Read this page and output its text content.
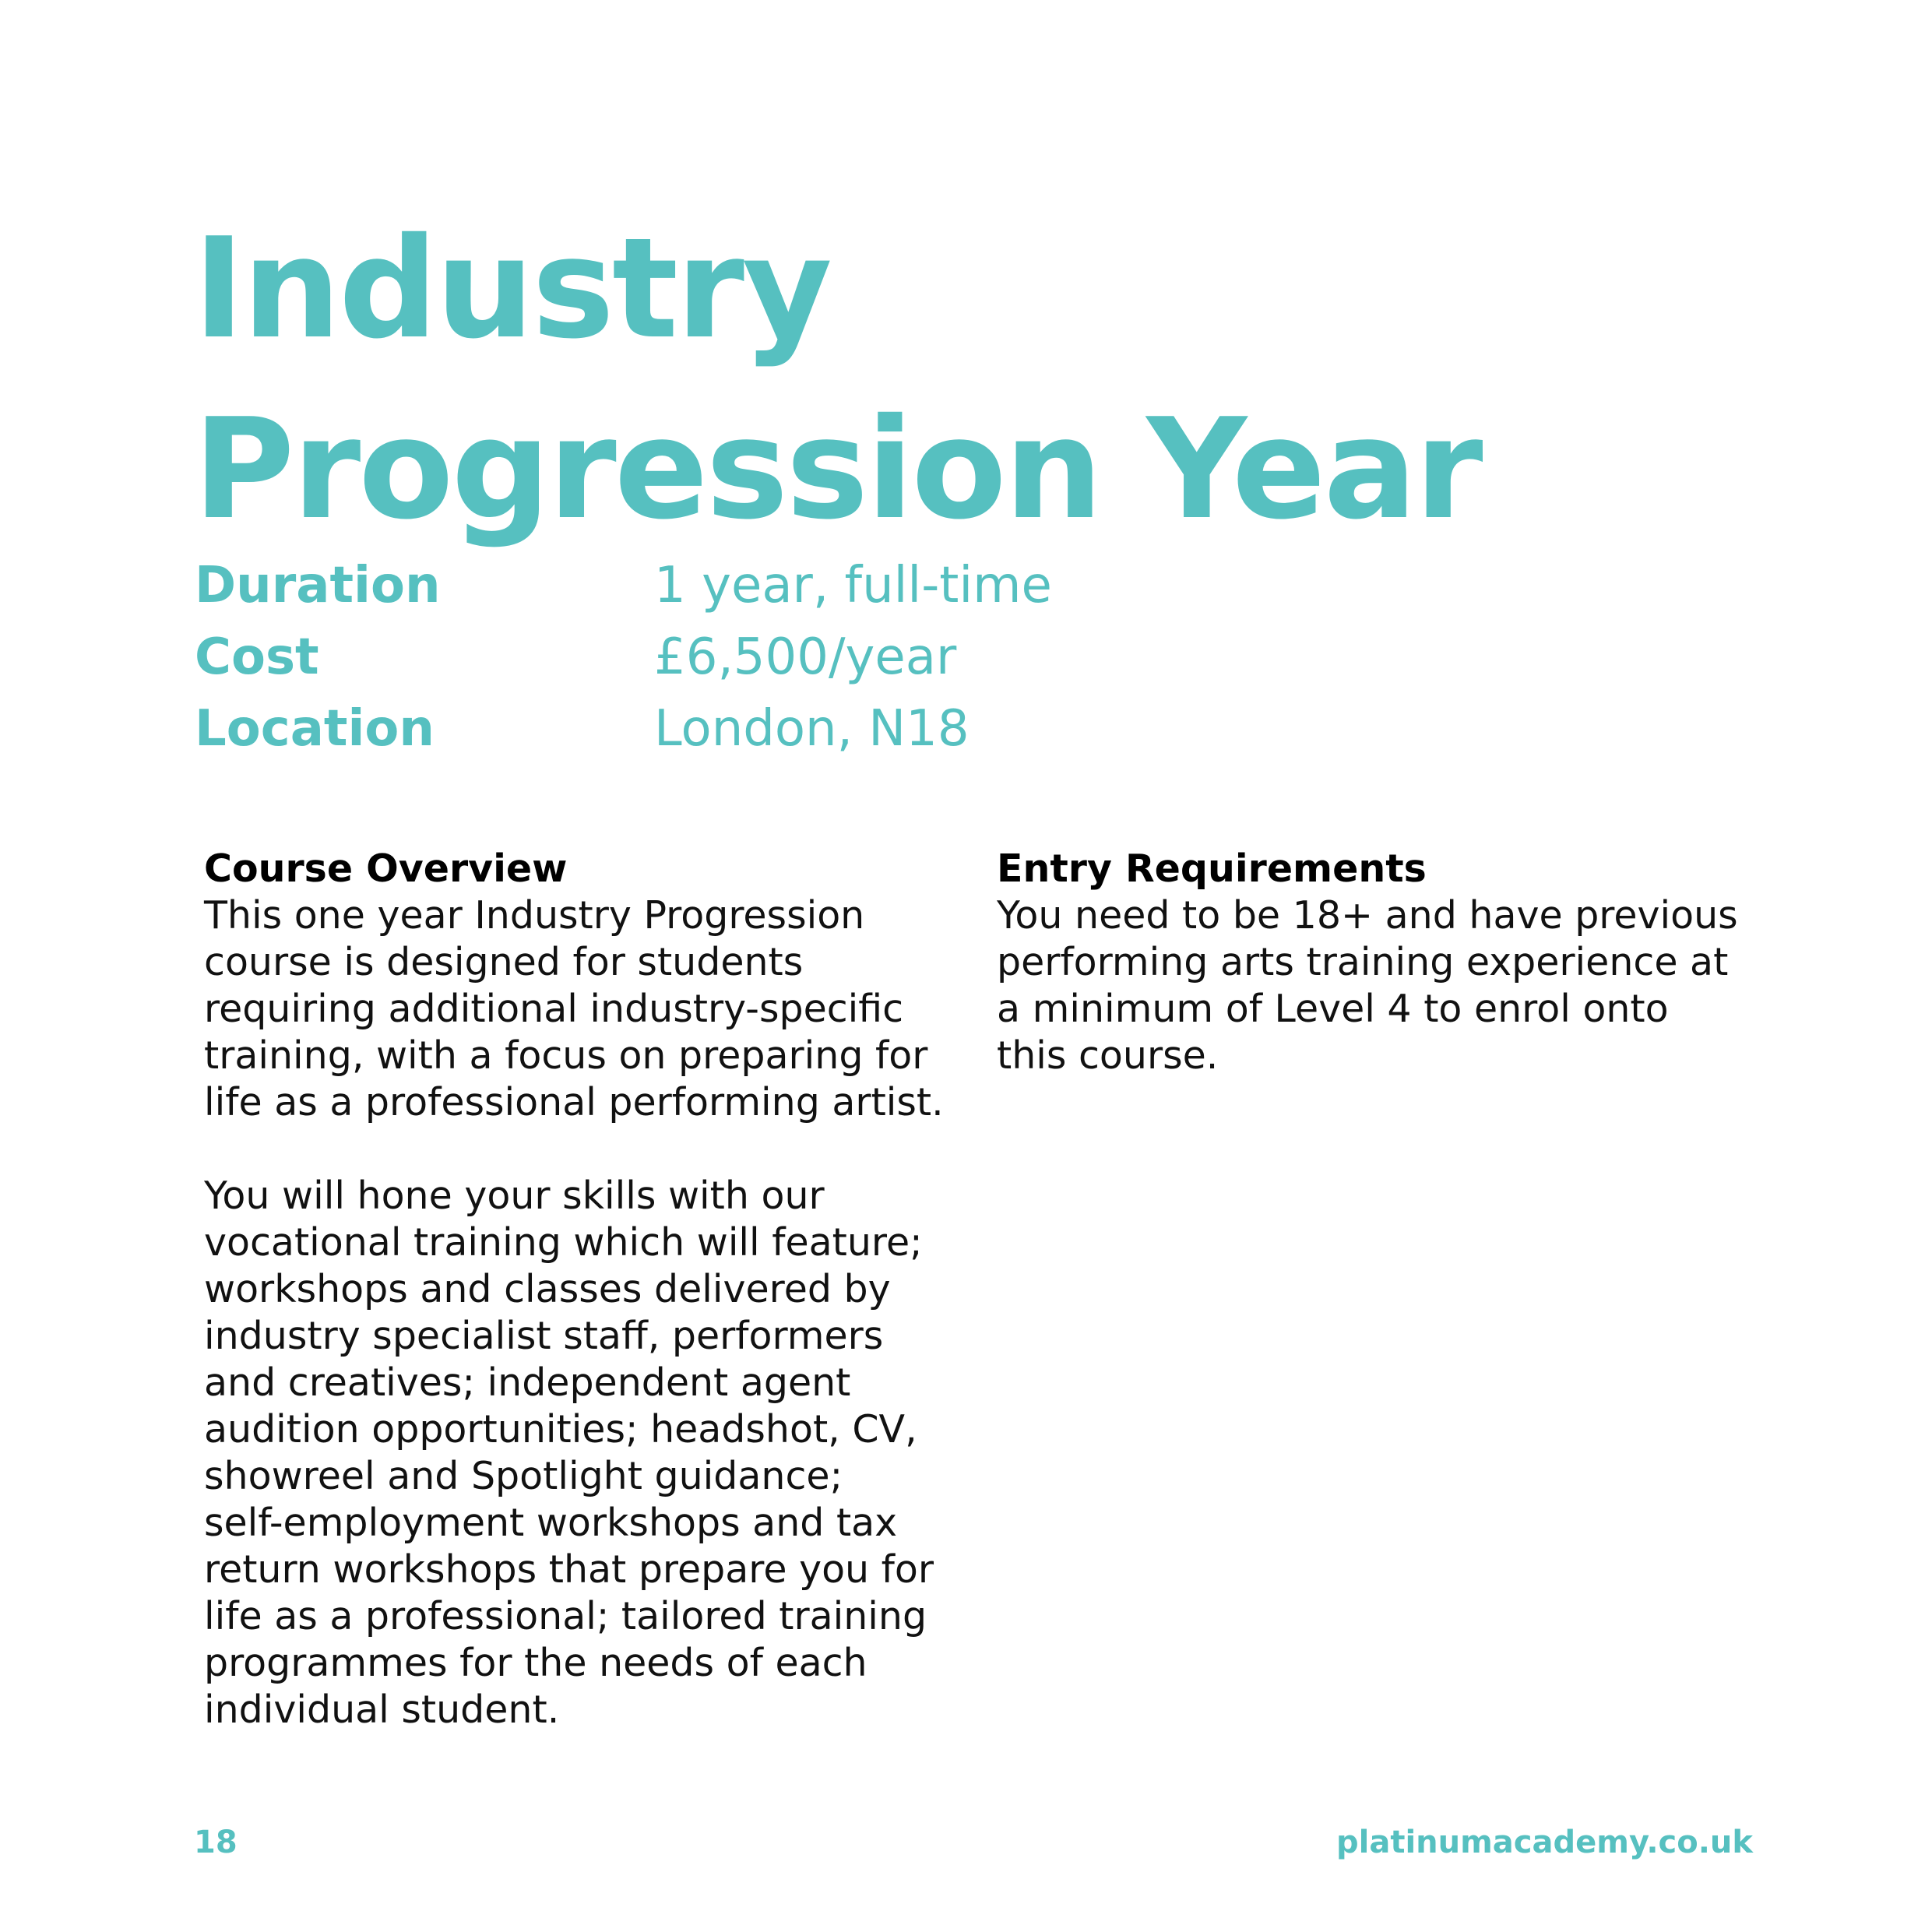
Industry
Progression Year
Duration	1 year, full-time
Cost	£6,500/year
Location	London, N18
Course Overview
This one year Industry Progression
course is designed for students
requiring additional industry-specific
training, with a focus on preparing for
life as a professional performing artist.
You will hone your skills with our
vocational training which will feature;
workshops and classes delivered by
industry specialist staff, performers
and creatives; independent agent
audition opportunities; headshot, CV,
showreel and Spotlight guidance;
self-employment workshops and tax
return workshops that prepare you for
life as a professional; tailored training
programmes for the needs of each
individual student.
Entry Requirements
You need to be 18+ and have previous
performing arts training experience at
a minimum of Level 4 to enrol onto
this course.
18	platinumacademy.co.uk
